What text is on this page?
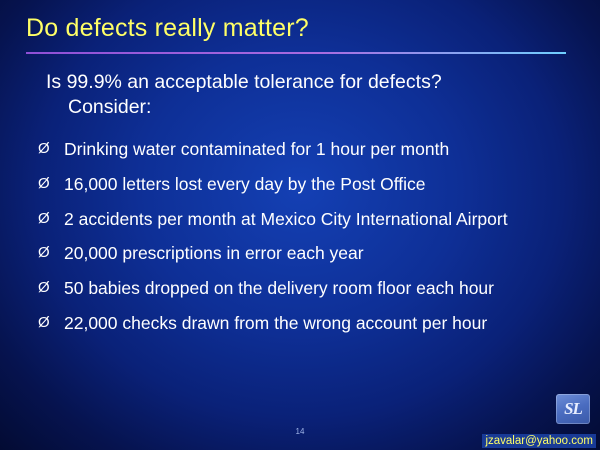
Do defects really matter?
Is 99.9% an acceptable tolerance for defects?
Consider:
Ø Drinking water contaminated for 1 hour per month
Ø 16,000 letters lost every day by the Post Office
Ø 2 accidents per month at Mexico City International Airport
Ø 20,000 prescriptions in error each year
Ø 50 babies dropped on the delivery room floor each hour
Ø 22,000 checks drawn from the wrong account per hour
14
SL
jzavalar@yahoo.com
